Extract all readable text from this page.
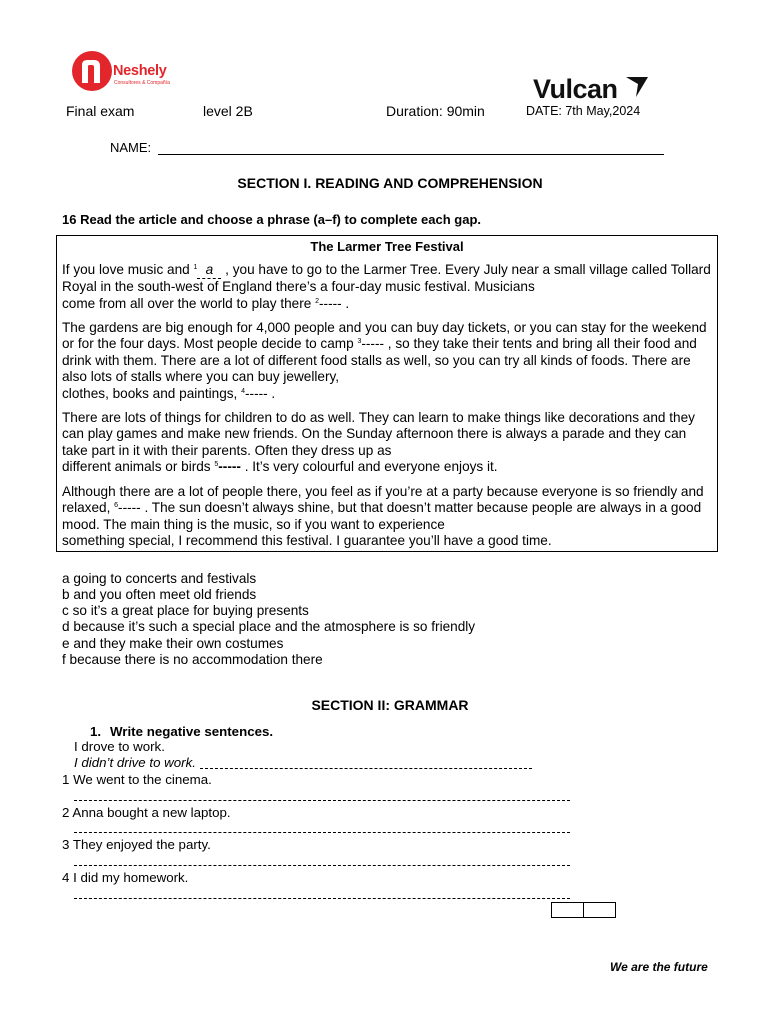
Neshely
Consultores & Compañía	Vulcan
Final exam	level 2B	Duration: 90min	DATE: 7th May,2024
NAME:
SECTION I. READING AND COMPREHENSION
16 Read the article and choose a phrase (a–f) to complete each gap.
The Larmer Tree Festival
If you love music and $^1$ a , you have to go to the Larmer Tree. Every July near a small village called Tollard Royal in the south-west of England there’s a four-day music festival. Musicians
come from all over the world to play there $^2$----- .
The gardens are big enough for 4,000 people and you can buy day tickets, or you can stay for the weekend or for the four days. Most people decide to camp $^3$----- , so they take their tents and bring all their food and drink with them. There are a lot of different food stalls as well, so you can try all kinds of foods. There are also lots of stalls where you can buy jewellery,
clothes, books and paintings, $^4$----- .
There are lots of things for children to do as well. They can learn to make things like decorations and they can play games and make new friends. On the Sunday afternoon there is always a parade and they can take part in it with their parents. Often they dress up as
different animals or birds $^5$----- . It’s very colourful and everyone enjoys it.
Although there are a lot of people there, you feel as if you’re at a party because everyone is so friendly and relaxed, $^6$----- . The sun doesn’t always shine, but that doesn’t matter because people are always in a good mood. The main thing is the music, so if you want to experience
something special, I recommend this festival. I guarantee you’ll have a good time.
a going to concerts and festivals
b and you often meet old friends
c so it’s a great place for buying presents
d because it’s such a special place and the atmosphere is so friendly
e and they make their own costumes
f because there is no accommodation there
SECTION II: GRAMMAR
1. Write negative sentences.
I drove to work.
I didn’t drive to work.
1 We went to the cinema.
2 Anna bought a new laptop.
3 They enjoyed the party.
4 I did my homework.
We are the future
